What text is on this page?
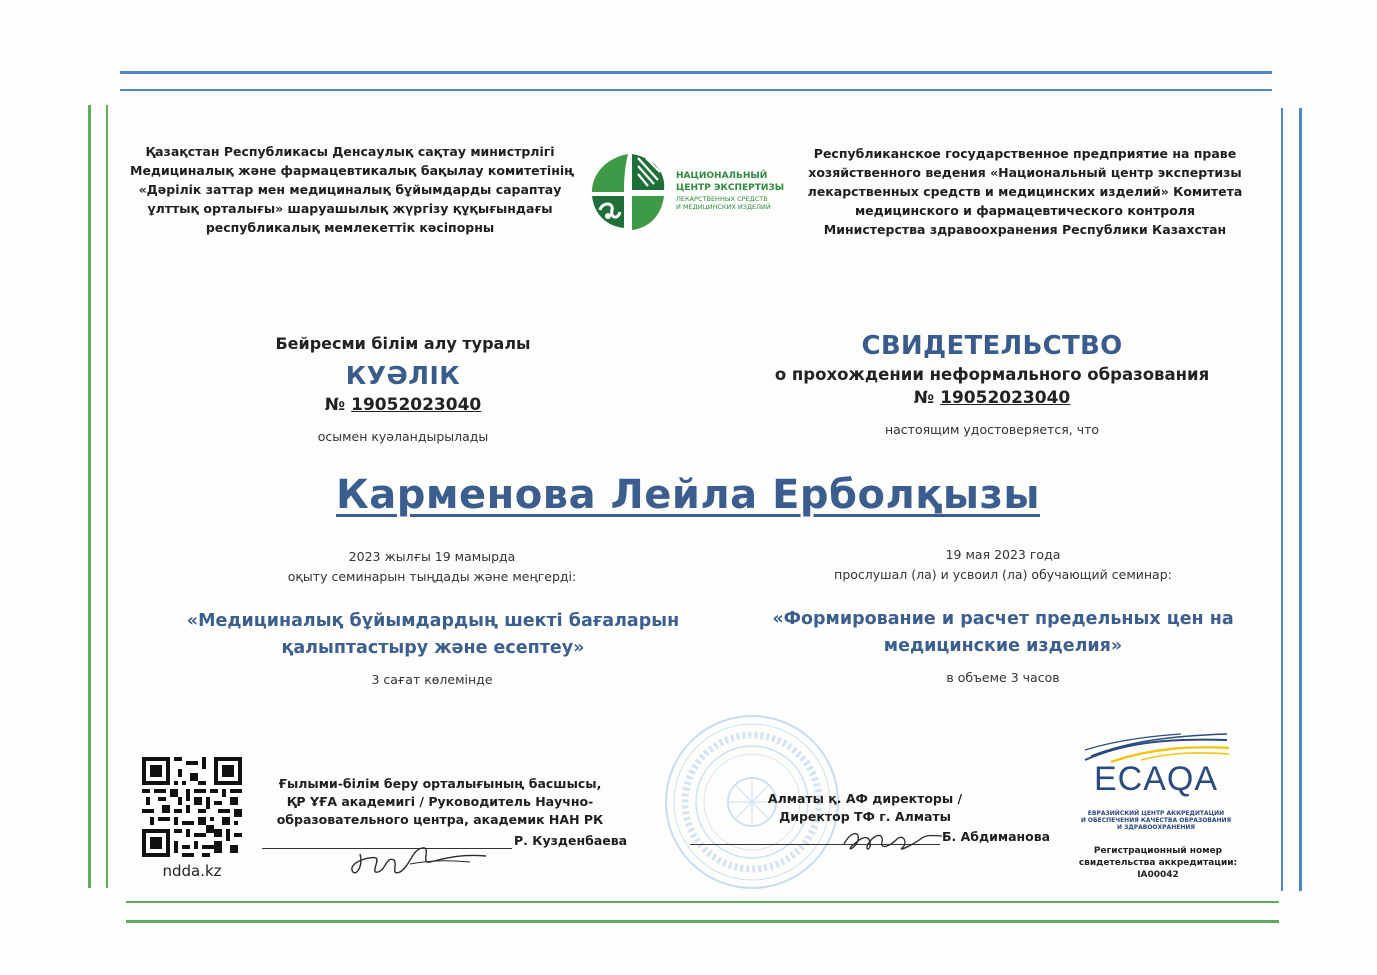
Қазақстан Республикасы Денсаулық сақтау министрлігі
Медициналық және фармацевтикалық бақылау комитетінің
«Дәрілік заттар мен медициналық бұйымдарды сараптау
ұлттық орталығы» шаруашылық жүргізу құқығындағы
республикалық мемлекеттік кәсіпорны
НАЦИОНАЛЬНЫЙ
ЦЕНТР ЭКСПЕРТИЗЫ
ЛЕКАРСТВЕННЫХ СРЕДСТВ
И МЕДИЦИНСКИХ ИЗДЕЛИЙ
Республиканское государственное предприятие на праве
хозяйственного ведения «Национальный центр экспертизы
лекарственных средств и медицинских изделий» Комитета
медицинского и фармацевтического контроля
Министерства здравоохранения Республики Казахстан
Бейресми білім алу туралы
КУӘЛІК
№ 19052023040
осымен куәландырылады
СВИДЕТЕЛЬСТВО
о прохождении неформального образования
№ 19052023040
настоящим удостоверяется, что
Карменова Лейла Ерболқызы
2023 жылғы 19 мамырда
оқыту семинарын тыңдады және меңгерді:
19 мая 2023 года
прослушал (ла) и усвоил (ла) обучающий семинар:
«Медициналық бұйымдардың шекті бағаларын
қалыптастыру және есептеу»
3 сағат көлемінде
«Формирование и расчет предельных цен на
медицинские изделия»
в объеме 3 часов
ndda.kz
Ғылыми-білім беру орталығының басшысы,
ҚР ҰҒА академигі / Руководитель Научно-
образовательного центра, академик НАН РК
Р. Кузденбаева
Алматы қ. АФ директоры /
Директор ТФ г. Алматы
Б. Абдиманова
ECAQA
ЕВРАЗИЙСКИЙ ЦЕНТР АККРЕДИТАЦИИ
И ОБЕСПЕЧЕНИЯ КАЧЕСТВА ОБРАЗОВАНИЯ
И ЗДРАВООХРАНЕНИЯ
Регистрационный номер
свидетельства аккредитации:
IA00042
